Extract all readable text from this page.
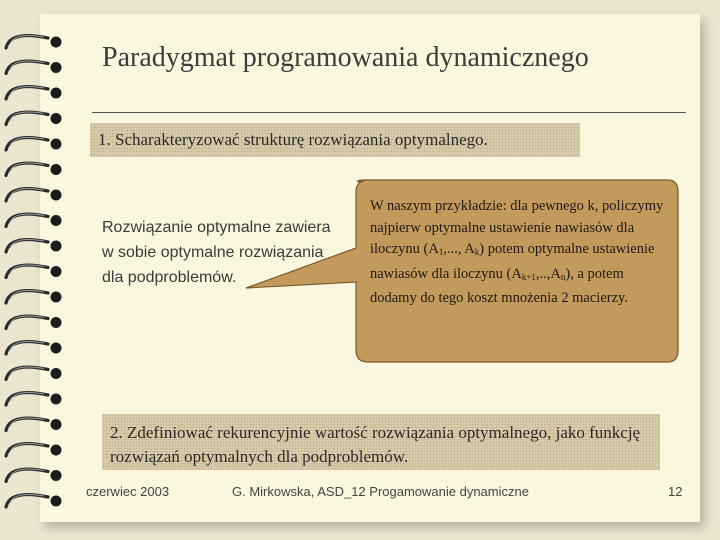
Paradygmat programowania dynamicznego
1. Scharakteryzować strukturę rozwiązania optymalnego.
Rozwiązanie optymalne zawiera w sobie optymalne rozwiązania dla podproblemów.
W naszym przykładzie: dla pewnego k, policzymy najpierw optymalne ustawienie nawiasów dla iloczynu ($A_1$,..., $A_k$) potem optymalne ustawienie nawiasów dla iloczynu $(A_{k+1},..,A_n)$, a potem dodamy do tego koszt mnożenia 2 macierzy.
2. Zdefiniować rekurencyjnie wartość rozwiązania optymalnego, jako funkcję rozwiązań optymalnych dla podproblemów.
czerwiec 2003	G. Mirkowska, ASD_12 Progamowanie dynamiczne	12
